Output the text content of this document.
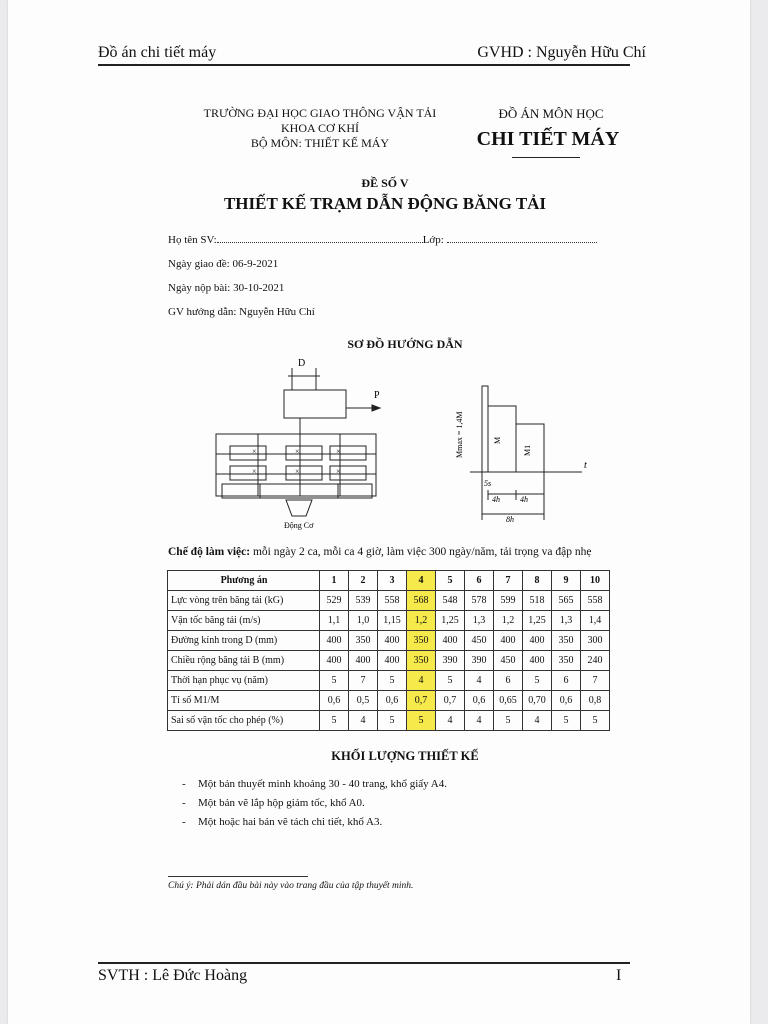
Đồ án chi tiết máy	GVHD : Nguyễn Hữu Chí
TRƯỜNG ĐẠI HỌC GIAO THÔNG VẬN TẢI
KHOA CƠ KHÍ
BỘ MÔN: THIẾT KẾ MÁY
ĐỒ ÁN MÔN HỌC
CHI TIẾT MÁY
ĐỀ SỐ V
THIẾT KẾ TRẠM DẪN ĐỘNG BĂNG TẢI
Họ tên SV:	Lớp:
Ngày giao đề: 06-9-2021
Ngày nộp bài: 30-10-2021
GV hướng dẫn: Nguyễn Hữu Chí
SƠ ĐỒ HƯỚNG DẪN
D
P
×	×	×
×	×	×
Động Cơ
Mmax = 1,4M	M
M1
t
5s
4h	4h
8h
Chế độ làm việc: mỗi ngày 2 ca, mỗi ca 4 giờ, làm việc 300 ngày/năm, tải trọng va đập nhẹ
Phương án	1	2	3	4	5	6	7	8	9	10
Lực vòng trên băng tải (kG)	529	539	558	568	548	578	599	518	565	558
Vận tốc băng tải (m/s)	1,1	1,0	1,15	1,2	1,25	1,3	1,2	1,25	1,3	1,4
Đường kính trong D (mm)	400	350	400	350	400	450	400	400	350	300
Chiều rộng băng tải B (mm)	400	400	400	350	390	390	450	400	350	240
Thời hạn phục vụ (năm)	5	7	5	4	5	4	6	5	6	7
Tỉ số M1/M	0,6	0,5	0,6	0,7	0,7	0,6	0,65	0,70	0,6	0,8
Sai số vận tốc cho phép (%)	5	4	5	5	4	4	5	4	5	5
KHỐI LƯỢNG THIẾT KẾ
- Một bản thuyết minh khoảng 30 - 40 trang, khổ giấy A4.
- Một bản vẽ lắp hộp giảm tốc, khổ A0.
- Một hoặc hai bản vẽ tách chi tiết, khổ A3.
Chú ý: Phải dán đầu bài này vào trang đầu của tập thuyết minh.
SVTH : Lê Đức Hoàng	I
